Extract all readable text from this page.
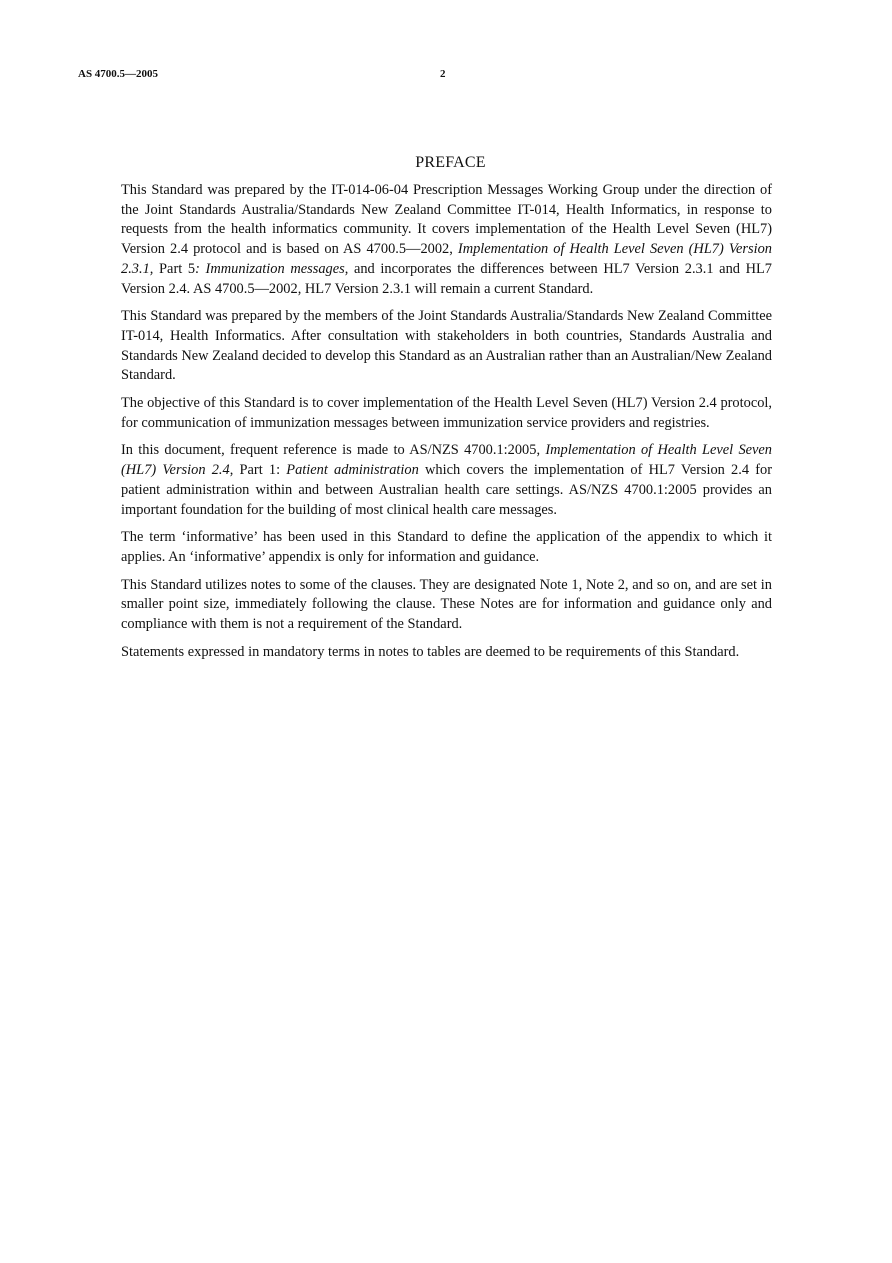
AS 4700.5—2005	2
PREFACE

This Standard was prepared by the IT-014-06-04 Prescription Messages Working Group under the direction of the Joint Standards Australia/Standards New Zealand Committee IT-014, Health Informatics, in response to requests from the health informatics community. It covers implementation of the Health Level Seven (HL7) Version 2.4 protocol and is based on AS 4700.5—2002, Implementation of Health Level Seven (HL7) Version 2.3.1, Part 5: Immunization messages, and incorporates the differences between HL7 Version 2.3.1 and HL7 Version 2.4. AS 4700.5—2002, HL7 Version 2.3.1 will remain a current Standard.

This Standard was prepared by the members of the Joint Standards Australia/Standards New Zealand Committee IT-014, Health Informatics. After consultation with stakeholders in both countries, Standards Australia and Standards New Zealand decided to develop this Standard as an Australian rather than an Australian/New Zealand Standard.

The objective of this Standard is to cover implementation of the Health Level Seven (HL7) Version 2.4 protocol, for communication of immunization messages between immunization service providers and registries.

In this document, frequent reference is made to AS/NZS 4700.1:2005, Implementation of Health Level Seven (HL7) Version 2.4, Part 1: Patient administration which covers the implementation of HL7 Version 2.4 for patient administration within and between Australian health care settings. AS/NZS 4700.1:2005 provides an important foundation for the building of most clinical health care messages.

The term ‘informative’ has been used in this Standard to define the application of the appendix to which it applies. An ‘informative’ appendix is only for information and guidance.

This Standard utilizes notes to some of the clauses. They are designated Note 1, Note 2, and so on, and are set in smaller point size, immediately following the clause. These Notes are for information and guidance only and compliance with them is not a requirement of the Standard.

Statements expressed in mandatory terms in notes to tables are deemed to be requirements of this Standard.
